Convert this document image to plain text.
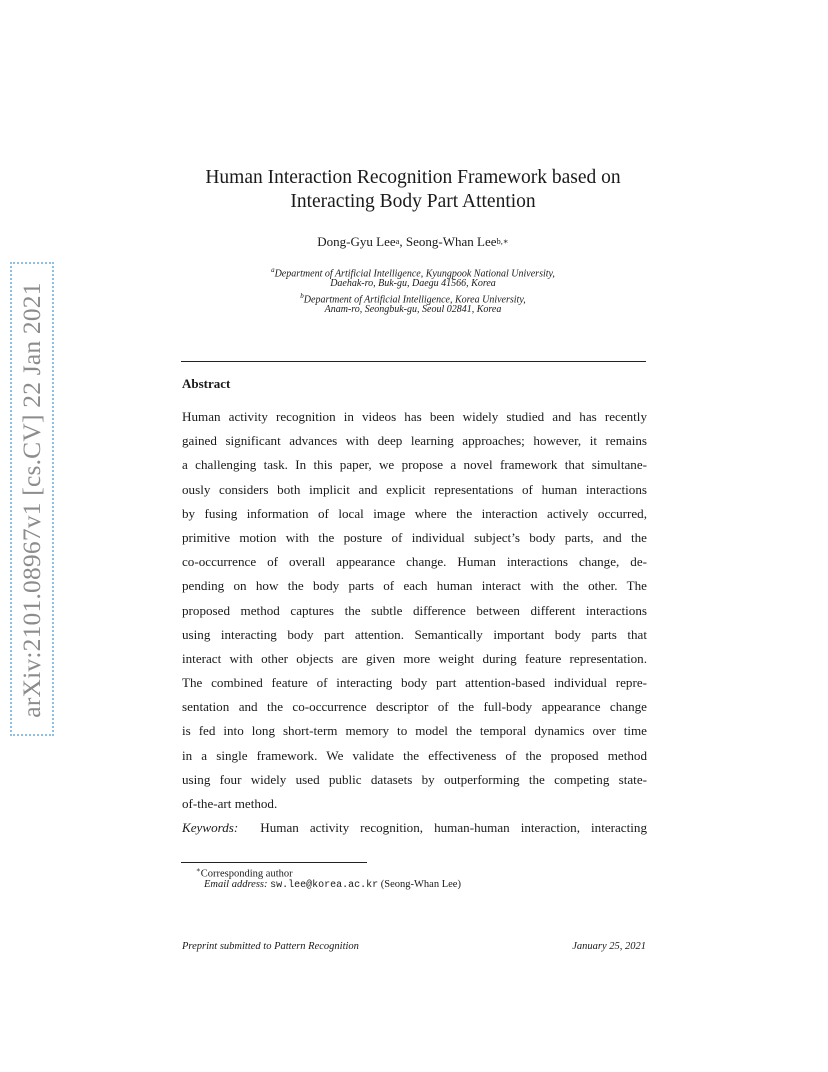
arXiv:2101.08967v1 [cs.CV] 22 Jan 2021
Human Interaction Recognition Framework based on
Interacting Body Part Attention
Dong-Gyu Lee$^a$, Seong-Whan Lee$^{b,∗}$
$^a$Department of Artificial Intelligence, Kyungpook National University,
Daehak-ro, Buk-gu, Daegu 41566, Korea
$^b$Department of Artificial Intelligence, Korea University,
Anam-ro, Seongbuk-gu, Seoul 02841, Korea
Abstract
Human activity recognition in videos has been widely studied and has recently
gained significant advances with deep learning approaches; however, it remains
a challenging task. In this paper, we propose a novel framework that simultane-
ously considers both implicit and explicit representations of human interactions
by fusing information of local image where the interaction actively occurred,
primitive motion with the posture of individual subject’s body parts, and the
co-occurrence of overall appearance change. Human interactions change, de-
pending on how the body parts of each human interact with the other. The
proposed method captures the subtle difference between different interactions
using interacting body part attention. Semantically important body parts that
interact with other objects are given more weight during feature representation.
The combined feature of interacting body part attention-based individual repre-
sentation and the co-occurrence descriptor of the full-body appearance change
is fed into long short-term memory to model the temporal dynamics over time
in a single framework. We validate the effectiveness of the proposed method
using four widely used public datasets by outperforming the competing state-
of-the-art method.
Keywords: Human activity recognition, human-human interaction, interacting
∗Corresponding author
Email address: sw.lee@korea.ac.kr (Seong-Whan Lee)
Preprint submitted to Pattern Recognition	January 25, 2021
